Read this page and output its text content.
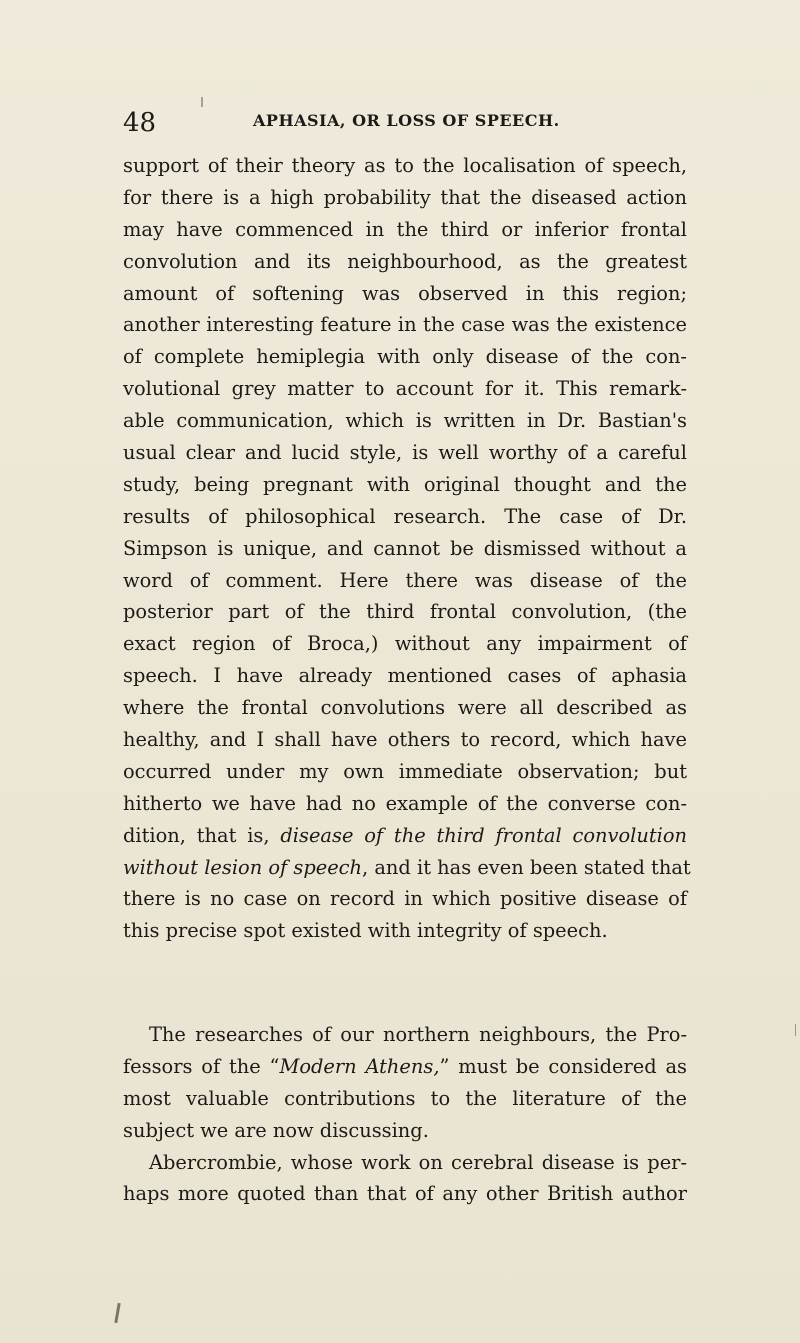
48	APHASIA, OR LOSS OF SPEECH.
support of their theory as to the localisation of speech,
for there is a high probability that the diseased action
may have commenced in the third or inferior frontal
convolution and its neighbourhood, as the greatest
amount of softening was observed in this region;
another interesting feature in the case was the existence
of complete hemiplegia with only disease of the con-
volutional grey matter to account for it. This remark-
able communication, which is written in Dr. Bastian's
usual clear and lucid style, is well worthy of a careful
study, being pregnant with original thought and the
results of philosophical research. The case of Dr.
Simpson is unique, and cannot be dismissed without a
word of comment. Here there was disease of the
posterior part of the third frontal convolution, (the
exact region of Broca,) without any impairment of
speech. I have already mentioned cases of aphasia
where the frontal convolutions were all described as
healthy, and I shall have others to record, which have
occurred under my own immediate observation; but
hitherto we have had no example of the converse con-
dition, that is, disease of the third frontal convolution
without lesion of speech, and it has even been stated that
there is no case on record in which positive disease of
this precise spot existed with integrity of speech.
The researches of our northern neighbours, the Pro-
fessors of the “Modern Athens,” must be considered as
most valuable contributions to the literature of the
subject we are now discussing.
Abercrombie, whose work on cerebral disease is per-
haps more quoted than that of any other British author
